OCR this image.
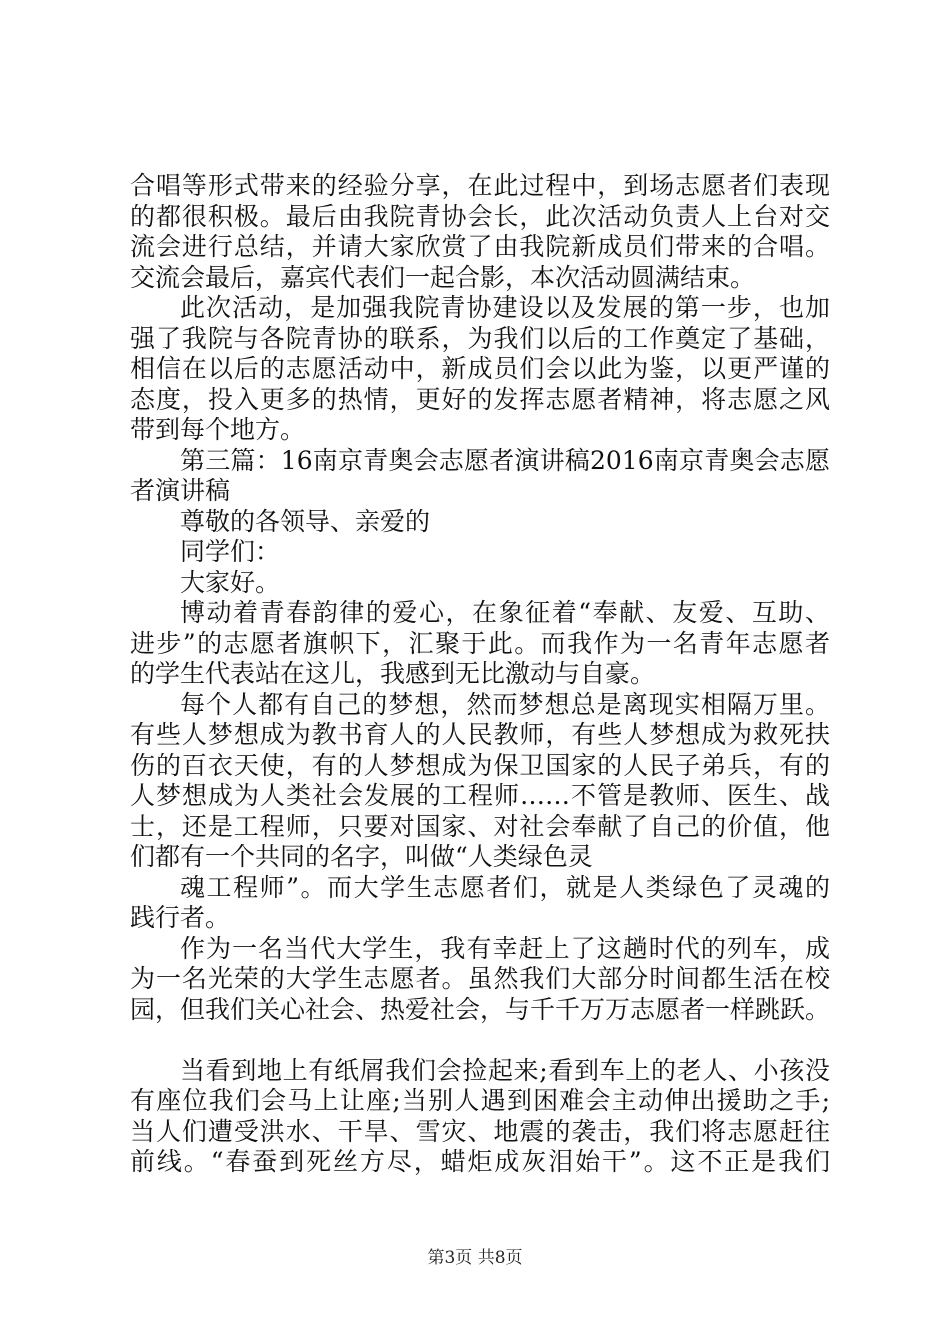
合唱等形式带来的经验分享，在此过程中，到场志愿者们表现
的都很积极。最后由我院青协会长，此次活动负责人上台对交
流会进行总结，并请大家欣赏了由我院新成员们带来的合唱。
交流会最后，嘉宾代表们一起合影，本次活动圆满结束。
此次活动，是加强我院青协建设以及发展的第一步，也加
强了我院与各院青协的联系，为我们以后的工作奠定了基础，
相信在以后的志愿活动中，新成员们会以此为鉴，以更严谨的
态度，投入更多的热情，更好的发挥志愿者精神，将志愿之风
带到每个地方。
第三篇：16南京青奥会志愿者演讲稿2016南京青奥会志愿
者演讲稿
尊敬的各领导、亲爱的
同学们：
大家好。
博动着青春韵律的爱心，在象征着“奉献、友爱、互助、
进步”的志愿者旗帜下，汇聚于此。而我作为一名青年志愿者
的学生代表站在这儿，我感到无比激动与自豪。
每个人都有自己的梦想，然而梦想总是离现实相隔万里。
有些人梦想成为教书育人的人民教师，有些人梦想成为救死扶
伤的百衣天使，有的人梦想成为保卫国家的人民子弟兵，有的
人梦想成为人类社会发展的工程师……不管是教师、医生、战
士，还是工程师，只要对国家、对社会奉献了自己的价值，他
们都有一个共同的名字，叫做“人类绿色灵
魂工程师”。而大学生志愿者们，就是人类绿色了灵魂的
践行者。
作为一名当代大学生，我有幸赶上了这趟时代的列车，成
为一名光荣的大学生志愿者。虽然我们大部分时间都生活在校
园，但我们关心社会、热爱社会，与千千万万志愿者一样跳跃。
当看到地上有纸屑我们会捡起来;看到车上的老人、小孩没
有座位我们会马上让座;当别人遇到困难会主动伸出援助之手;
当人们遭受洪水、干旱、雪灾、地震的袭击，我们将志愿赶往
前线。“春蚕到死丝方尽，蜡炬成灰泪始干”。这不正是我们
第3页 共8页
